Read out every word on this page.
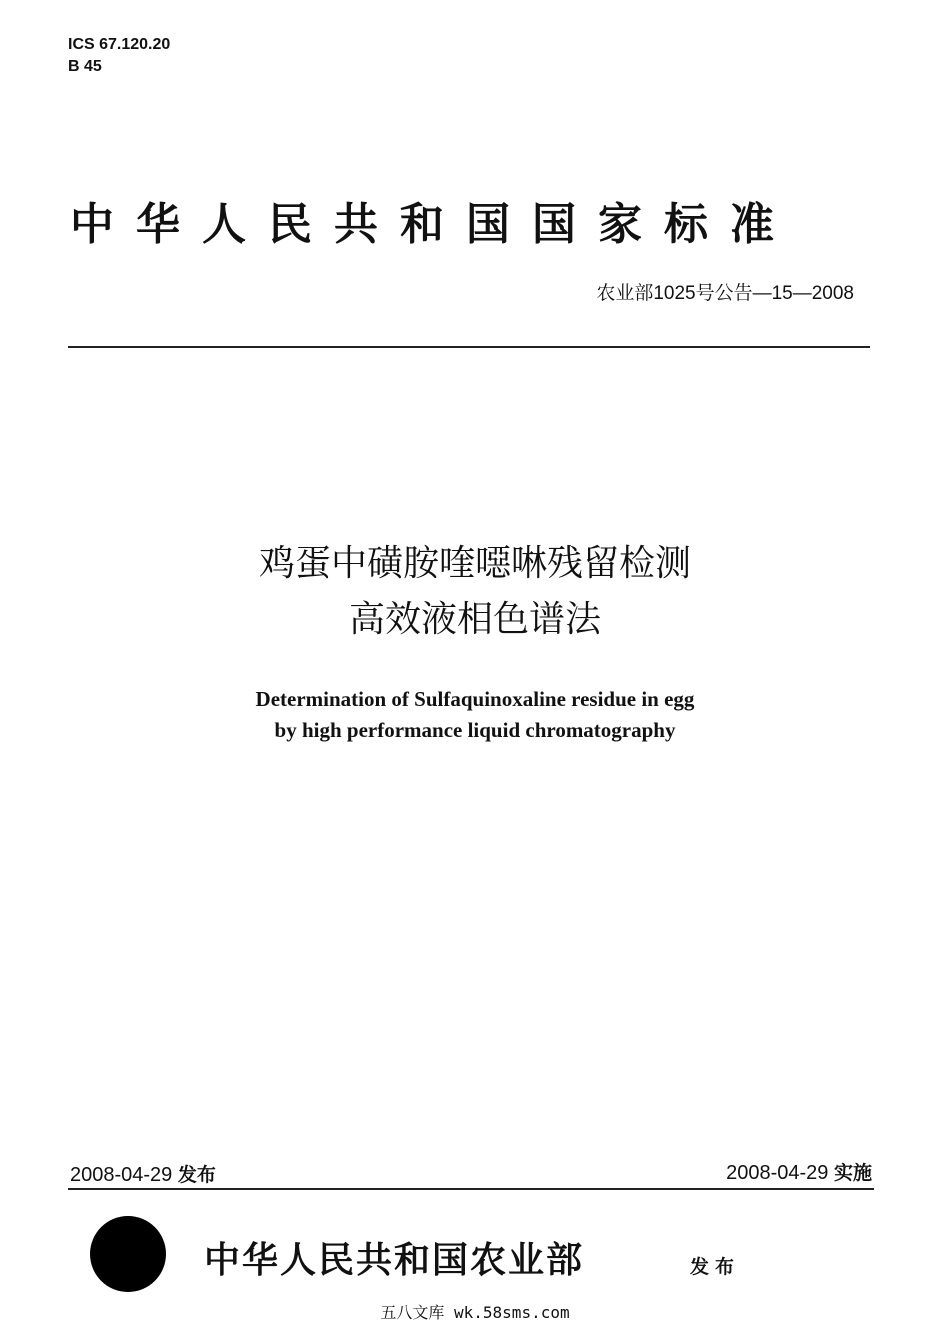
ICS 67.120.20
B 45
中华人民共和国国家标准
农业部1025号公告—15—2008
鸡蛋中磺胺喹噁啉残留检测
高效液相色谱法
Determination of Sulfaquinoxaline residue in egg
by high performance liquid chromatography
2008-04-29 发布	2008-04-29 实施
中华人民共和国农业部	发布
五八文库 wk.58sms.com
